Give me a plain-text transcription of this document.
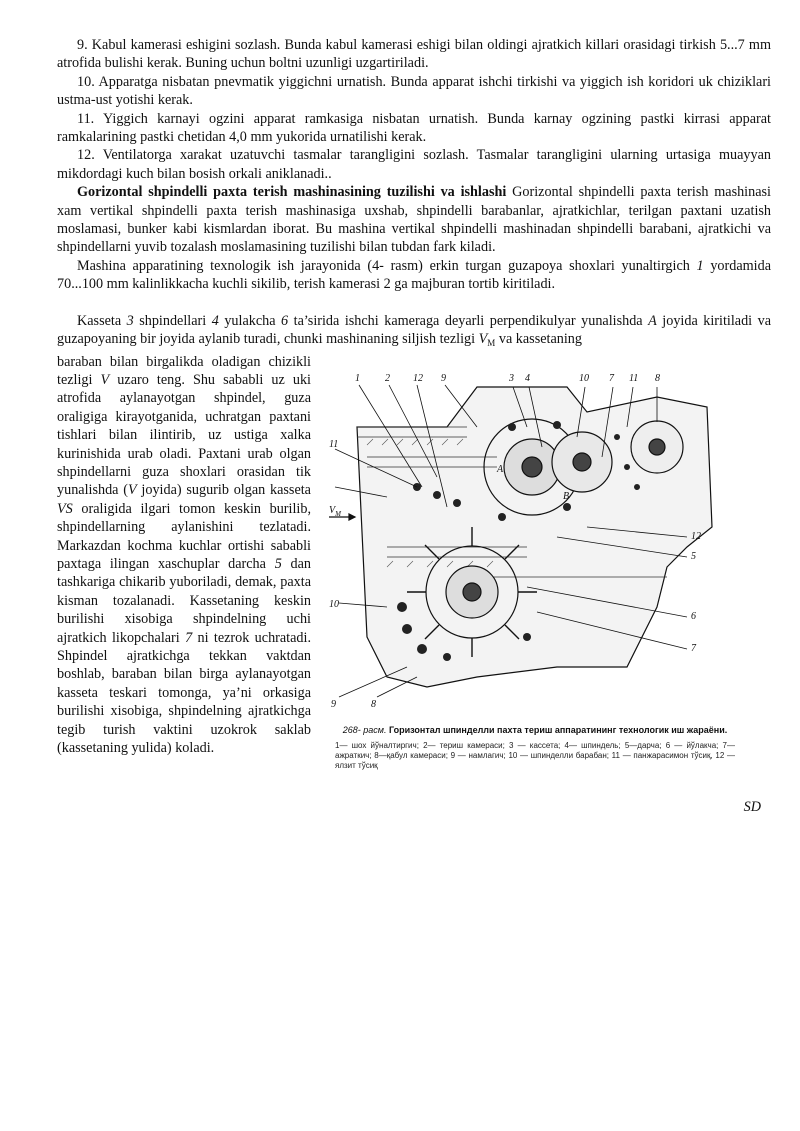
9. Kabul kamerasi eshigini sozlash. Bunda kabul kamerasi eshigi bilan oldingi ajratkich killari orasidagi tirkish 5...7 mm atrofida bulishi kerak. Buning uchun boltni uzunligi uzgartiriladi.

10. Apparatga nisbatan pnevmatik yiggichni urnatish. Bunda apparat ishchi tirkishi va yiggich ish koridori uk chiziklari ustma-ust yotishi kerak.

11. Yiggich karnayi ogzini apparat ramkasiga nisbatan urnatish. Bunda karnay ogzining pastki kirrasi apparat ramkalarining pastki chetidan 4,0 mm yukorida urnatilishi kerak.

12. Ventilatorga xarakat uzatuvchi tasmalar tarangligini sozlash. Tasmalar tarangligini ularning urtasiga muayyan mikdordagi kuch bilan bosish orkali aniklanadi..

Gorizontal shpindelli paxta terish mashinasining tuzilishi va ishlashi Gorizontal shpindelli paxta terish mashinasi xam vertikal shpindelli paxta terish mashinasiga uxshab, shpindelli barabanlar, ajratkichlar, terilgan paxtani uzatish moslamasi, bunker kabi kismlardan iborat. Bu mashina vertikal shpindelli mashinadan shpindelli barabani, ajratkichi va shpindellarni yuvib tozalash moslamasining tuzilishi bilan tubdan fark kiladi.

Mashina apparatining texnologik ish jarayonida (4- rasm) erkin turgan guzapoya shoxlari yunaltirgich 1 yordamida 70...100 mm kalinlikkacha kuchli sikilib, terish kamerasi 2 ga majburan tortib kiritiladi.

Kasseta 3 shpindellari 4 yulakcha 6 ta’sirida ishchi kameraga deyarli perpendikulyar yunalishda A joyida kiritiladi va guzapoyaning bir joyida aylanib turadi, chunki mashinaning siljish tezligi $V_M$ va kassetaning

baraban bilan birgalikda oladigan chizikli tezligi V uzaro teng. Shu sababli uz uki atrofida aylanayotgan shpindel, guza oraligiga kirayotganida, uchratgan paxtani tishlari bilan ilintirib, uz ustiga xalka kurinishida urab oladi. Paxtani urab olgan shpindellarni guza shoxlari orasidan tik yunalishda (V joyida) sugurib olgan kasseta VS oraligida ilgari tomon keskin burilib, shpindellarning aylanishini tezlatadi. Markazdan kochma kuchlar ortishi sababli paxtaga ilingan xaschuplar darcha 5 dan tashkariga chikarib yuboriladi, demak, paxta kisman tozalanadi. Kassetaning keskin burilishi xisobiga shpindelning uchi ajratkich likopchalari 7 ni tezrok uchratadi. Shpindel ajratkichga tekkan vaktdan boshlab, baraban bilan birga aylanayotgan kasseta teskari tomonga, ya’ni orkasiga burilishi xisobiga, shpindelning ajratkichga tegib turish vaktini uzokrok saklab (kassetaning yulida) koladi.
1	2 12 9	3 4	10 7 11 8
11
$V_M$
12
5
10
6
7
9	8
A
B
268- расм. Горизонтал шпинделли пахта териш аппаратининг технологик иш жараёни.
1— шох йўналтиргич; 2— териш камераси; 3 — кассета; 4— шпиндель; 5—дарча; 6 — йўлакча; 7— ажраткич; 8—қабул камераси; 9 — намлагич; 10 — шпинделли барабан; 11 — панжарасимон тўсиқ, 12 — ялзит тўсиқ
SD
